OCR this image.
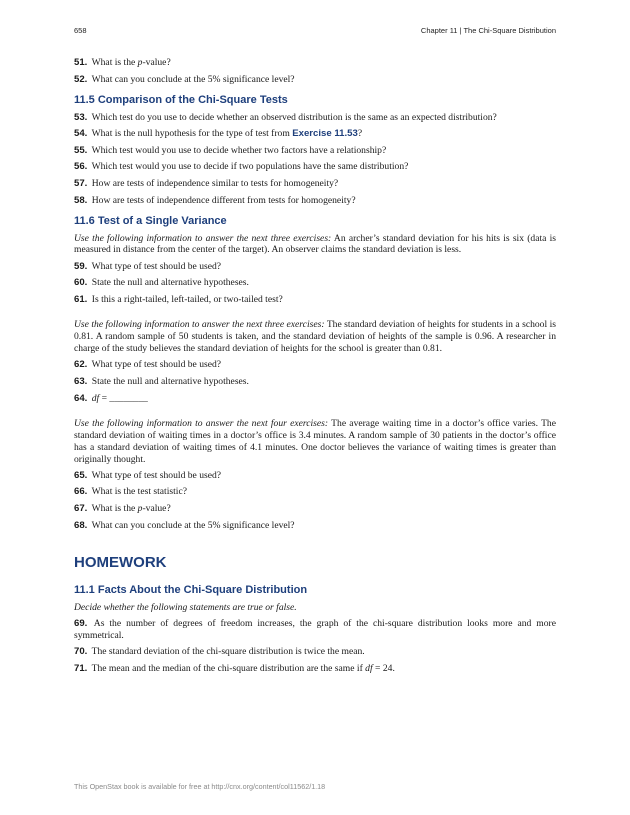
658	Chapter 11 | The Chi-Square Distribution
51. What is the p-value?
52. What can you conclude at the 5% significance level?
11.5 Comparison of the Chi-Square Tests
53. Which test do you use to decide whether an observed distribution is the same as an expected distribution?
54. What is the null hypothesis for the type of test from Exercise 11.53?
55. Which test would you use to decide whether two factors have a relationship?
56. Which test would you use to decide if two populations have the same distribution?
57. How are tests of independence similar to tests for homogeneity?
58. How are tests of independence different from tests for homogeneity?
11.6 Test of a Single Variance
Use the following information to answer the next three exercises: An archer’s standard deviation for his hits is six (data is measured in distance from the center of the target). An observer claims the standard deviation is less.
59. What type of test should be used?
60. State the null and alternative hypotheses.
61. Is this a right-tailed, left-tailed, or two-tailed test?
Use the following information to answer the next three exercises: The standard deviation of heights for students in a school is 0.81. A random sample of 50 students is taken, and the standard deviation of heights of the sample is 0.96. A researcher in charge of the study believes the standard deviation of heights for the school is greater than 0.81.
62. What type of test should be used?
63. State the null and alternative hypotheses.
64. df = ________
Use the following information to answer the next four exercises: The average waiting time in a doctor’s office varies. The standard deviation of waiting times in a doctor’s office is 3.4 minutes. A random sample of 30 patients in the doctor’s office has a standard deviation of waiting times of 4.1 minutes. One doctor believes the variance of waiting times is greater than originally thought.
65. What type of test should be used?
66. What is the test statistic?
67. What is the p-value?
68. What can you conclude at the 5% significance level?
HOMEWORK
11.1 Facts About the Chi-Square Distribution
Decide whether the following statements are true or false.
69. As the number of degrees of freedom increases, the graph of the chi-square distribution looks more and more symmetrical.
70. The standard deviation of the chi-square distribution is twice the mean.
71. The mean and the median of the chi-square distribution are the same if df = 24.
This OpenStax book is available for free at http://cnx.org/content/col11562/1.18
